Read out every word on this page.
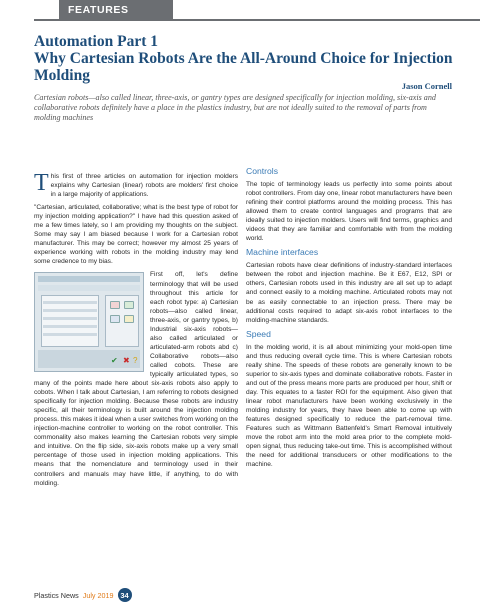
FEATURES
Automation Part 1
Why Cartesian Robots Are the All-Around Choice for Injection Molding
Jason Cornell
Cartesian robots—also called linear, three-axis, or gantry types are designed specifically for injection molding, six-axis and collaborative robots definitely have a place in the plastics industry, but are not ideally suited to the removal of parts from molding machines

This first of three articles on automation for injection molders explains why Cartesian (linear) robots are molders' first choice in a large majority of applications.

"Cartesian, articulated, collaborative; what is the best type of robot for my injection molding application?" I have had this question asked of me a few times lately, so I am providing my thoughts on the subject. Some may say I am biased because I work for a Cartesian robot manufacturer. This may be correct; however my almost 25 years of experience working with robots in the molding industry may lend some credence to my bias.

✔ ✖ ?
First off, let's define terminology that will be used throughout this article for each robot type: a) Cartesian robots—also called linear, three-axis, or gantry types, b) Industrial six-axis robots—also called articulated or articulated-arm robots abd c) Collaborative robots—also called cobots. These are typically articulated types, so many of the points made here about six-axis robots also apply to cobots. When I talk about Cartesian, I am referring to robots designed specifically for injection molding. Because these robots are industry specific, all their terminology is built around the injection molding process. this makes it ideal when a user switches from working on the injection-machine controller to working on the robot controller. This commonality also makes learning the Cartesian robots very simple and intuitive. On the flip side, six-axis robots make up a very small percentage of those used in injection molding applications. This means that the nomenclature and terminology used in their controllers and manuals may have little, if anything, to do with molding.

Controls

The topic of terminology leads us perfectly into some points about robot controllers. From day one, linear robot manufacturers have been refining their control platforms around the molding process. This has allowed them to create control languages and programs that are ideally suited to injection molders. Users will find terms, graphics and videos that they are familiar and comfortable with from the molding world.

Machine interfaces

Cartesian robots have clear definitions of industry-standard interfaces between the robot and injection machine. Be it E67, E12, SPI or others, Cartesian robots used in this industry are all set up to adapt and connect easily to a molding machine. Articulated robots may not be as easily connectable to an injection press. There may be additional costs required to adapt six-axis robot interfaces to the molding-machine standards.

Speed

In the molding world, it is all about minimizing your mold-open time and thus reducing overall cycle time. This is where Cartesian robots really shine. The speeds of these robots are generally known to be superior to six-axis types and dominate collaborative robots. Faster in and out of the press means more parts are produced per hour, shift or day. This equates to a faster ROI for the equipment. Also given that linear robot manufacturers have been working exclusively in the molding industry for years, they have been able to come up with features designed specifically to reduce the part-removal time. Features such as Wittmann Battenfeld's Smart Removal intuitively move the robot arm into the mold area prior to the complete mold-open signal, thus reducing take-out time. This is accomplished without the need for additional transducers or other modifications to the machine.

Plastics News July 2019 34
